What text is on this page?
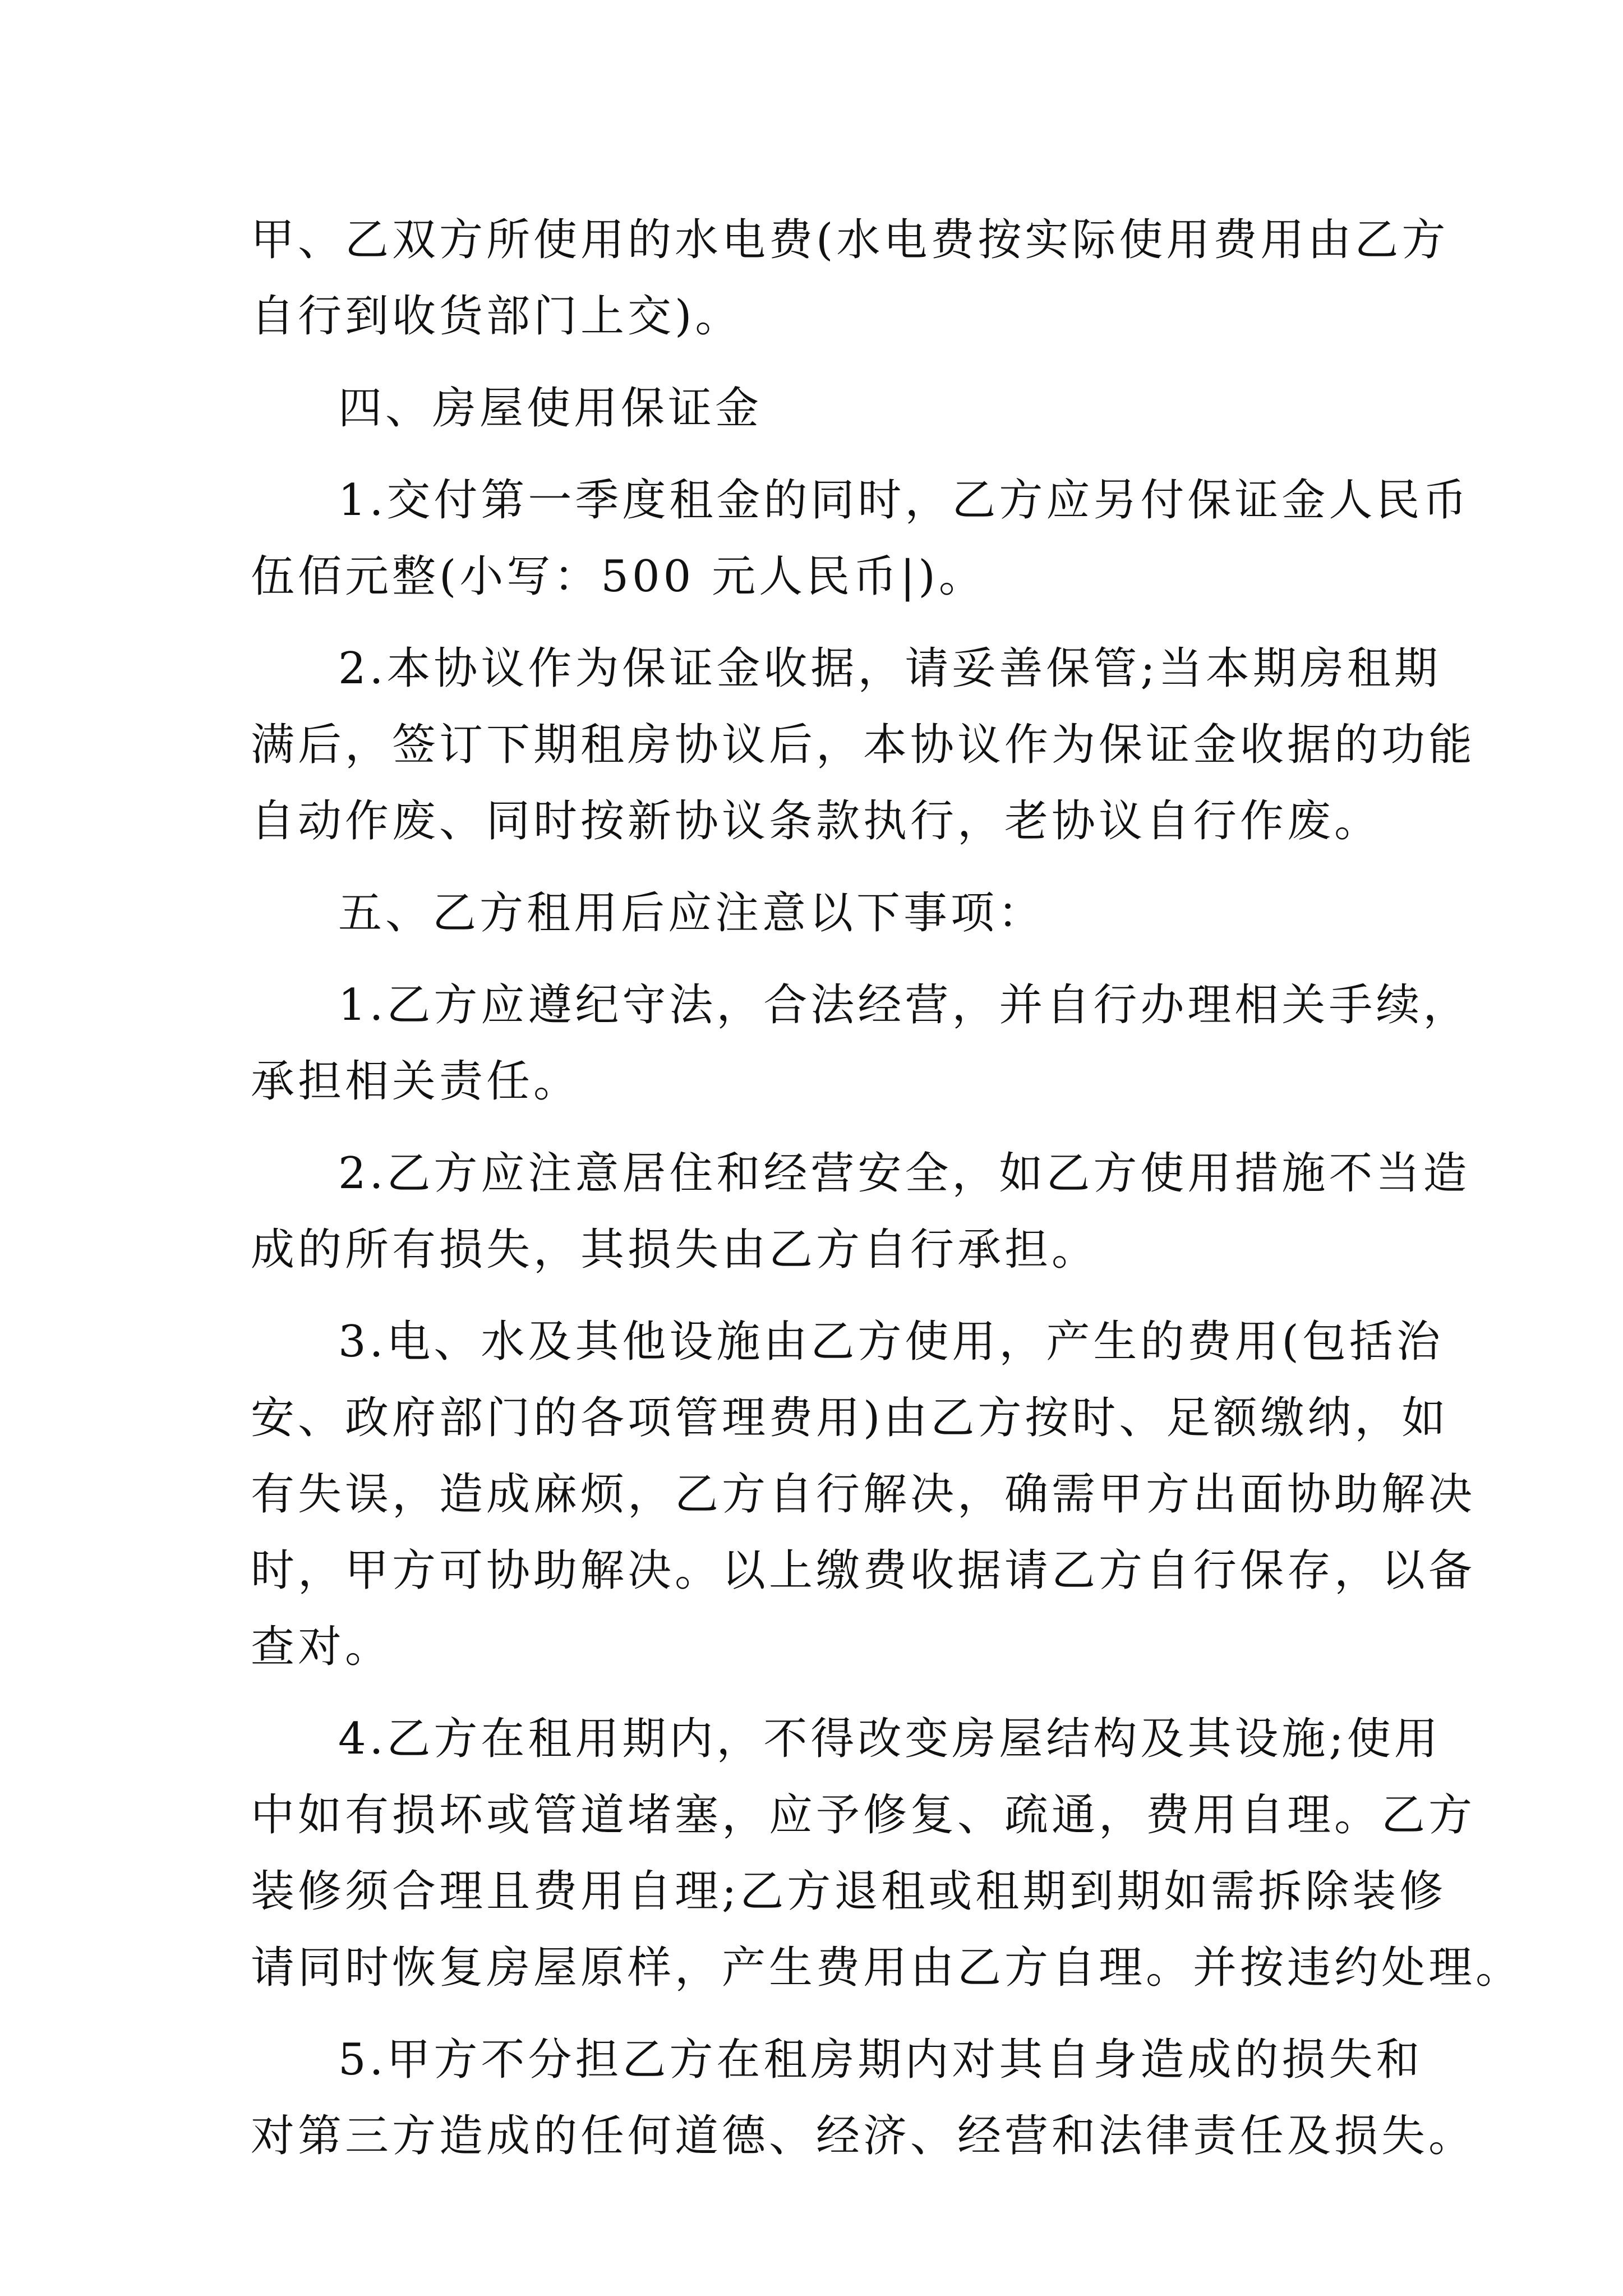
甲、乙双方所使用的水电费(水电费按实际使用费用由乙方
自行到收货部门上交)。

四、房屋使用保证金

1.交付第一季度租金的同时，乙方应另付保证金人民币
伍佰元整(小写：500 元人民币|)。

2.本协议作为保证金收据，请妥善保管;当本期房租期
满后，签订下期租房协议后，本协议作为保证金收据的功能
自动作废、同时按新协议条款执行，老协议自行作废。

五、乙方租用后应注意以下事项：

1.乙方应遵纪守法，合法经营，并自行办理相关手续，
承担相关责任。

2.乙方应注意居住和经营安全，如乙方使用措施不当造
成的所有损失，其损失由乙方自行承担。

3.电、水及其他设施由乙方使用，产生的费用(包括治
安、政府部门的各项管理费用)由乙方按时、足额缴纳，如
有失误，造成麻烦，乙方自行解决，确需甲方出面协助解决
时，甲方可协助解决。以上缴费收据请乙方自行保存，以备
查对。

4.乙方在租用期内，不得改变房屋结构及其设施;使用
中如有损坏或管道堵塞，应予修复、疏通，费用自理。乙方
装修须合理且费用自理;乙方退租或租期到期如需拆除装修
请同时恢复房屋原样，产生费用由乙方自理。并按违约处理。

5.甲方不分担乙方在租房期内对其自身造成的损失和
对第三方造成的任何道德、经济、经营和法律责任及损失。
